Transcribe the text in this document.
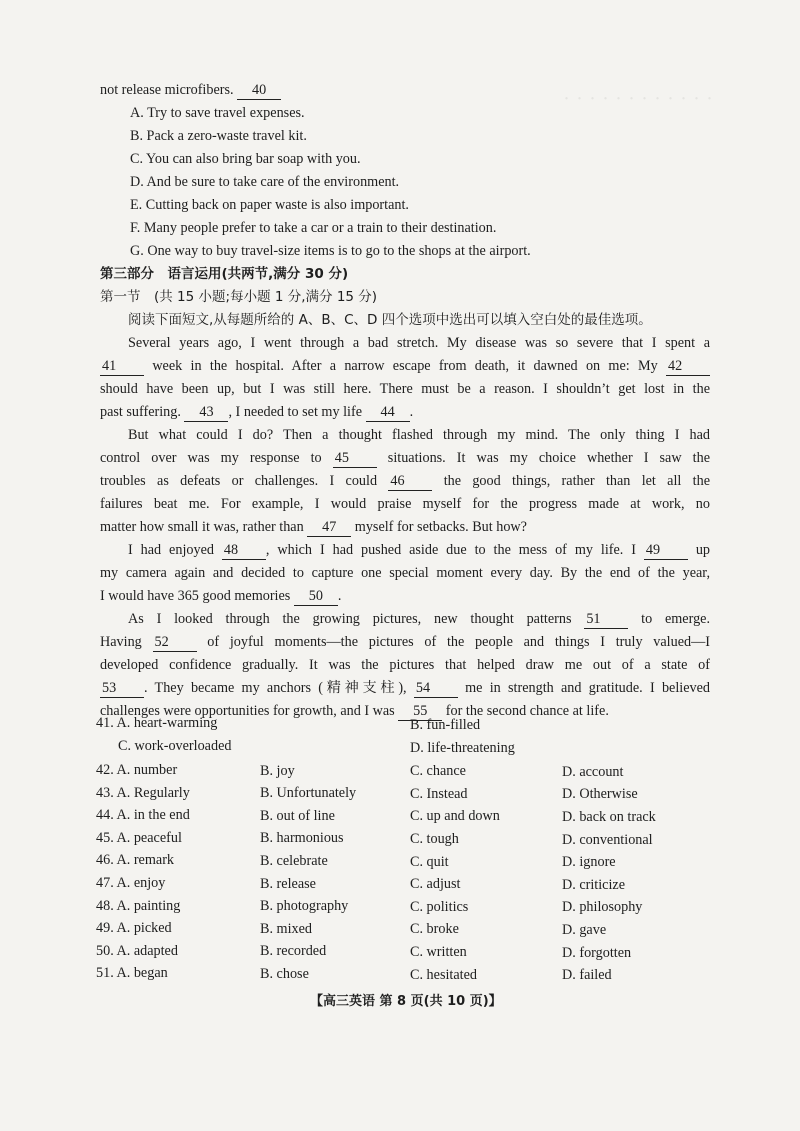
・・・・・・・・・・・・
not release microfibers. 40
A. Try to save travel expenses.
B. Pack a zero-waste travel kit.
C. You can also bring bar soap with you.
D. And be sure to take care of the environment.
E. Cutting back on paper waste is also important.
F. Many people prefer to take a car or a train to their destination.
G. One way to buy travel-size items is to go to the shops at the airport.
第三部分　语言运用(共两节,满分 30 分)
第一节　(共 15 小题;每小题 1 分,满分 15 分)
阅读下面短文,从每题所给的 A、B、C、D 四个选项中选出可以填入空白处的最佳选项。
Several years ago, I went through a bad stretch. My disease was so severe that I spent a
41	week in the hospital. After a narrow escape from death, it dawned on me: My 42
should have been up, but I was still here. There must be a reason. I shouldn’t get lost in the
past suffering. 43 , I needed to set my life 44 .
But what could I do? Then a thought flashed through my mind. The only thing I had
control over was my response to 45	situations. It was my choice whether I saw the
troubles as defeats or challenges. I could 46	the good things, rather than let all the
failures beat me. For example, I would praise myself for the progress made at work, no
matter how small it was, rather than 47 myself for setbacks. But how?
I had enjoyed 48 , which I had pushed aside due to the mess of my life. I 49	up
my camera again and decided to capture one special moment every day. By the end of the year,
I would have 365 good memories 50 .
As I looked through the growing pictures, new thought patterns 51	to emerge.
Having 52	of joyful moments—the pictures of the people and things I truly valued—I
developed confidence gradually. It was the pictures that helped draw me out of a state of
53 . They became my anchors (精神支柱), 54 me in strength and gratitude. I believed
challenges were opportunities for growth, and I was 55 for the second chance at life.
41. A. heart-warming	B. fun-filled
C. work-overloaded	D. life-threatening
42. A. number	B. joy	C. chance	D. account
43. A. Regularly	B. Unfortunately	C. Instead	D. Otherwise
44. A. in the end	B. out of line	C. up and down	D. back on track
45. A. peaceful	B. harmonious	C. tough	D. conventional
46. A. remark	B. celebrate	C. quit	D. ignore
47. A. enjoy	B. release	C. adjust	D. criticize
48. A. painting	B. photography	C. politics	D. philosophy
49. A. picked	B. mixed	C. broke	D. gave
50. A. adapted	B. recorded	C. written	D. forgotten
51. A. began	B. chose	C. hesitated	D. failed
【高三英语 第 8 页(共 10 页)】
